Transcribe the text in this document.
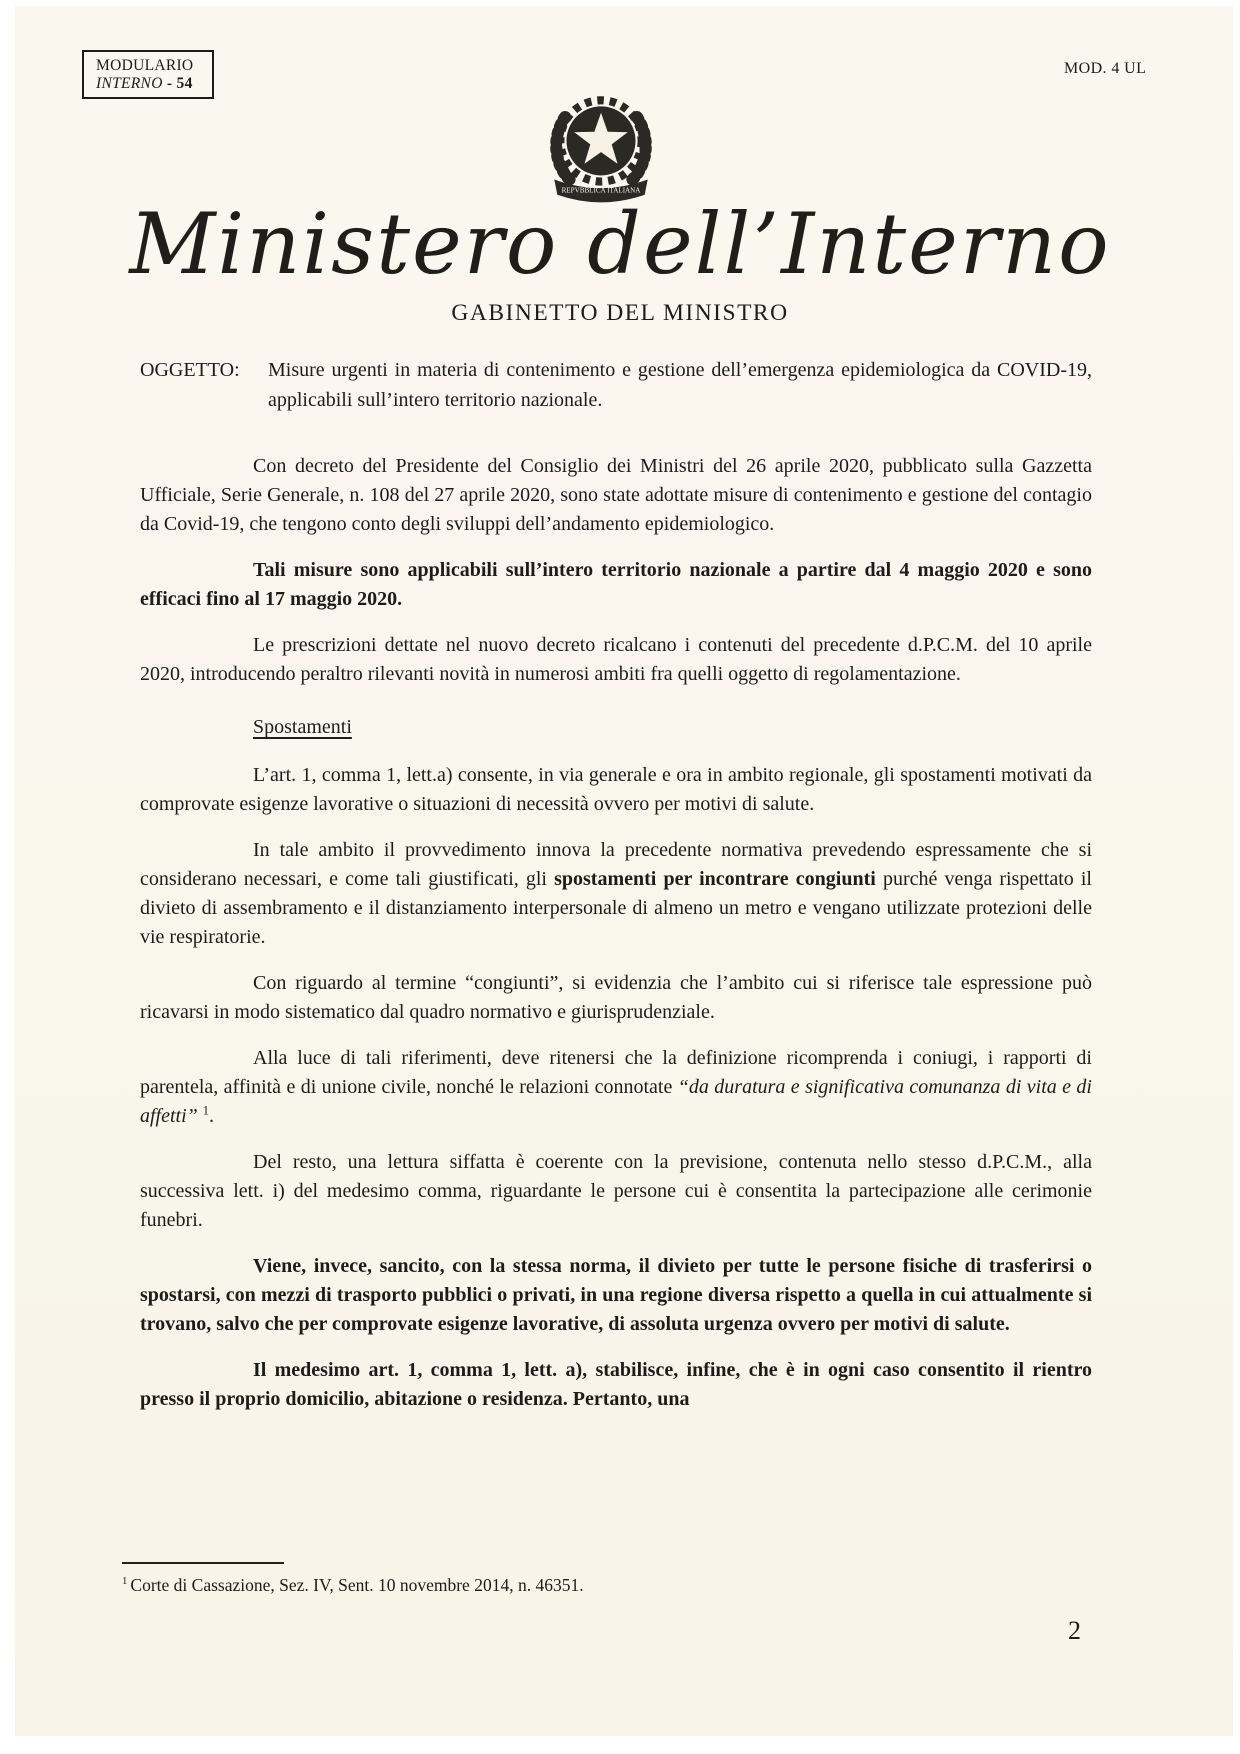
MODULARIO
INTERNO - 54
MOD. 4 UL
REPVBBLICA ITALIANA
Ministero dell’Interno
GABINETTO DEL MINISTRO
OGGETTO:	Misure urgenti in materia di contenimento e gestione dell’emergenza epidemiologica da COVID-19, applicabili sull’intero territorio nazionale.

Con decreto del Presidente del Consiglio dei Ministri del 26 aprile 2020, pubblicato sulla Gazzetta Ufficiale, Serie Generale, n. 108 del 27 aprile 2020, sono state adottate misure di contenimento e gestione del contagio da Covid-19, che tengono conto degli sviluppi dell’andamento epidemiologico.

Tali misure sono applicabili sull’intero territorio nazionale a partire dal 4 maggio 2020 e sono efficaci fino al 17 maggio 2020.

Le prescrizioni dettate nel nuovo decreto ricalcano i contenuti del precedente d.P.C.M. del 10 aprile 2020, introducendo peraltro rilevanti novità in numerosi ambiti fra quelli oggetto di regolamentazione.

Spostamenti

L’art. 1, comma 1, lett.a) consente, in via generale e ora in ambito regionale, gli spostamenti motivati da comprovate esigenze lavorative o situazioni di necessità ovvero per motivi di salute.

In tale ambito il provvedimento innova la precedente normativa prevedendo espressamente che si considerano necessari, e come tali giustificati, gli spostamenti per incontrare congiunti purché venga rispettato il divieto di assembramento e il distanziamento interpersonale di almeno un metro e vengano utilizzate protezioni delle vie respiratorie.

Con riguardo al termine “congiunti”, si evidenzia che l’ambito cui si riferisce tale espressione può ricavarsi in modo sistematico dal quadro normativo e giurisprudenziale.

Alla luce di tali riferimenti, deve ritenersi che la definizione ricomprenda i coniugi, i rapporti di parentela, affinità e di unione civile, nonché le relazioni connotate “da duratura e significativa comunanza di vita e di affetti” $^1$.

Del resto, una lettura siffatta è coerente con la previsione, contenuta nello stesso d.P.C.M., alla successiva lett. i) del medesimo comma, riguardante le persone cui è consentita la partecipazione alle cerimonie funebri.

Viene, invece, sancito, con la stessa norma, il divieto per tutte le persone fisiche di trasferirsi o spostarsi, con mezzi di trasporto pubblici o privati, in una regione diversa rispetto a quella in cui attualmente si trovano, salvo che per comprovate esigenze lavorative, di assoluta urgenza ovvero per motivi di salute.

Il medesimo art. 1, comma 1, lett. a), stabilisce, infine, che è in ogni caso consentito il rientro presso il proprio domicilio, abitazione o residenza. Pertanto, una

$^1$ Corte di Cassazione, Sez. IV, Sent. 10 novembre 2014, n. 46351.
2
